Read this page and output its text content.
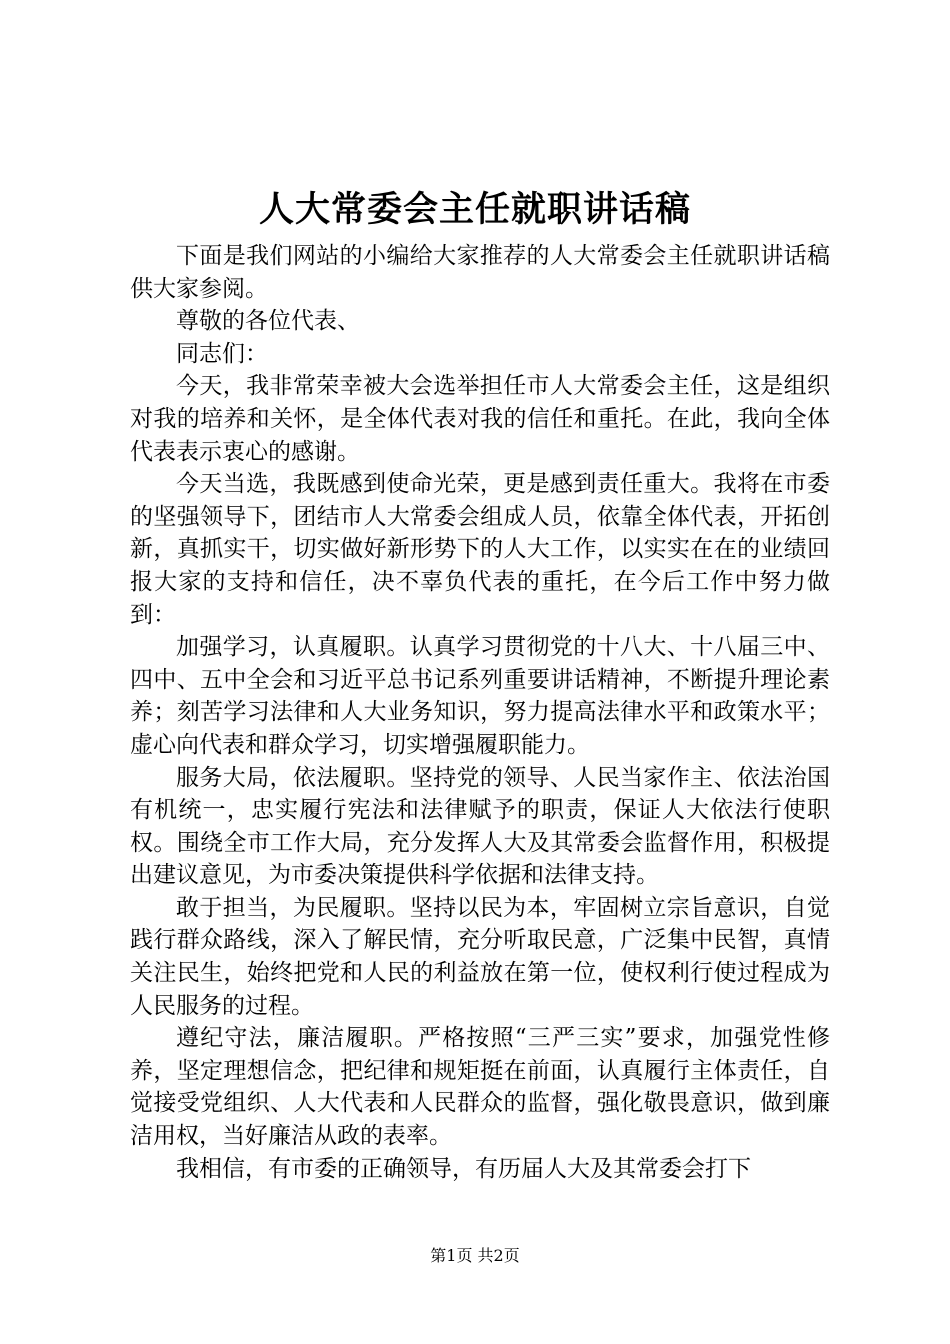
人大常委会主任就职讲话稿

下面是我们网站的小编给大家推荐的人大常委会主任就职讲话稿供大家参阅。

尊敬的各位代表、

同志们：

今天，我非常荣幸被大会选举担任市人大常委会主任，这是组织对我的培养和关怀，是全体代表对我的信任和重托。在此，我向全体代表表示衷心的感谢。

今天当选，我既感到使命光荣，更是感到责任重大。我将在市委的坚强领导下，团结市人大常委会组成人员，依靠全体代表，开拓创新，真抓实干，切实做好新形势下的人大工作，以实实在在的业绩回报大家的支持和信任，决不辜负代表的重托，在今后工作中努力做到：

加强学习，认真履职。认真学习贯彻党的十八大、十八届三中、四中、五中全会和习近平总书记系列重要讲话精神，不断提升理论素养；刻苦学习法律和人大业务知识，努力提高法律水平和政策水平；虚心向代表和群众学习，切实增强履职能力。

服务大局，依法履职。坚持党的领导、人民当家作主、依法治国有机统一，忠实履行宪法和法律赋予的职责，保证人大依法行使职权。围绕全市工作大局，充分发挥人大及其常委会监督作用，积极提出建议意见，为市委决策提供科学依据和法律支持。

敢于担当，为民履职。坚持以民为本，牢固树立宗旨意识，自觉践行群众路线，深入了解民情，充分听取民意，广泛集中民智，真情关注民生，始终把党和人民的利益放在第一位，使权利行使过程成为人民服务的过程。

遵纪守法，廉洁履职。严格按照“三严三实”要求，加强党性修养，坚定理想信念，把纪律和规矩挺在前面，认真履行主体责任，自觉接受党组织、人大代表和人民群众的监督，强化敬畏意识，做到廉洁用权，当好廉洁从政的表率。

我相信，有市委的正确领导，有历届人大及其常委会打下

第1页 共2页
